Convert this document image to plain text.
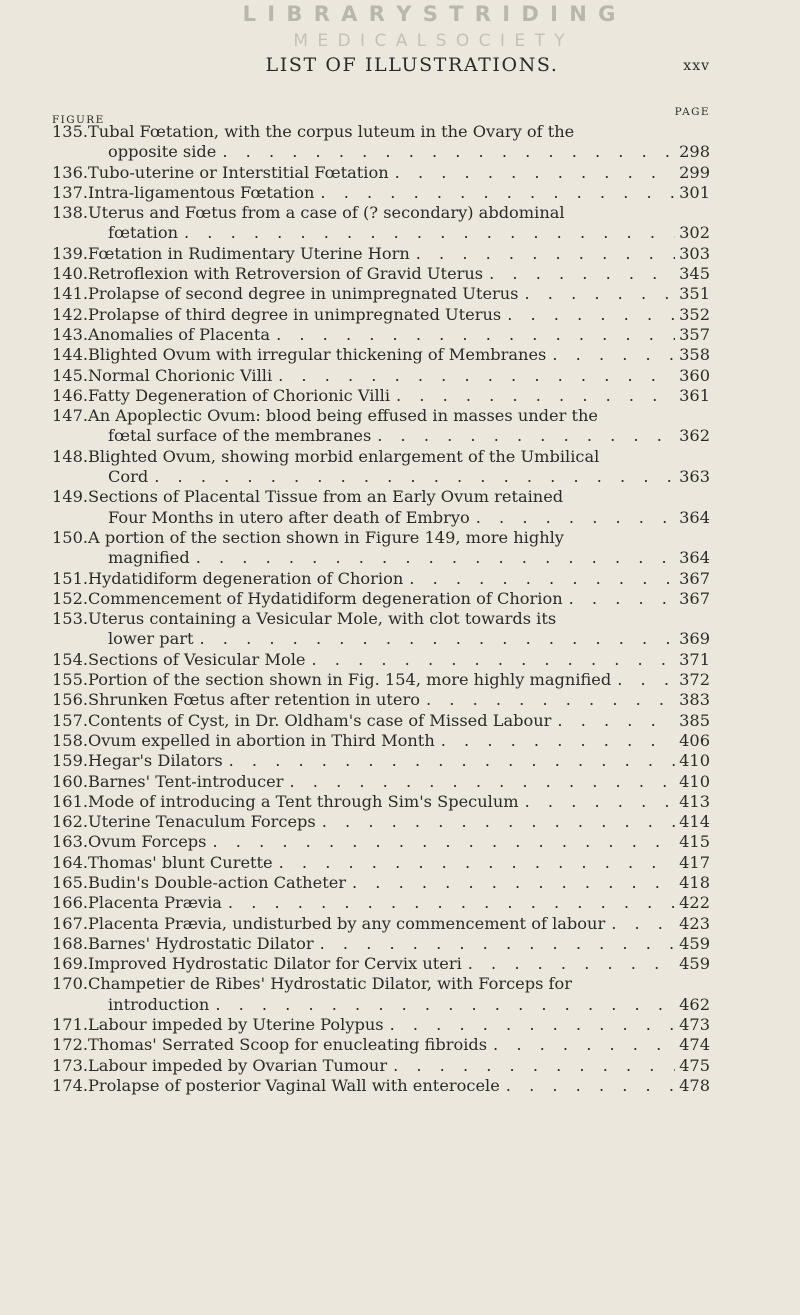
L I B R A R Y S T R I D I N G
M E D I C A L S O C I E T Y
LIST OF ILLUSTRATIONS.	xxv
FIGURE
PAGE
135. Tubal Fœtation, with the corpus luteum in the Ovary of the
opposite side . . .	298
136. Tubo-uterine or Interstitial Fœtation . . .	299
137. Intra-ligamentous Fœtation . . .	301
138. Uterus and Fœtus from a case of (? secondary) abdominal
fœtation . . .	302
139. Fœtation in Rudimentary Uterine Horn . . .	303
140. Retroflexion with Retroversion of Gravid Uterus . . .	345
141. Prolapse of second degree in unimpregnated Uterus . . .	351
142. Prolapse of third degree in unimpregnated Uterus . . .	352
143. Anomalies of Placenta . . .	357
144. Blighted Ovum with irregular thickening of Membranes . . .	358
145. Normal Chorionic Villi . . .	360
146. Fatty Degeneration of Chorionic Villi . . .	361
147. An Apoplectic Ovum: blood being effused in masses under the
fœtal surface of the membranes . . .	362
148. Blighted Ovum, showing morbid enlargement of the Umbilical
Cord . . .	363
149. Sections of Placental Tissue from an Early Ovum retained
Four Months in utero after death of Embryo . . .	364
150. A portion of the section shown in Figure 149, more highly
magnified . . .	364
151. Hydatidiform degeneration of Chorion . . .	367
152. Commencement of Hydatidiform degeneration of Chorion . . .	367
153. Uterus containing a Vesicular Mole, with clot towards its
lower part . . .	369
154. Sections of Vesicular Mole . . .	371
155. Portion of the section shown in Fig. 154, more highly magnified . . .	372
156. Shrunken Fœtus after retention in utero . . .	383
157. Contents of Cyst, in Dr. Oldham's case of Missed Labour . . .	385
158. Ovum expelled in abortion in Third Month . . .	406
159. Hegar's Dilators . . .	410
160. Barnes' Tent-introducer . . .	410
161. Mode of introducing a Tent through Sim's Speculum . . .	413
162. Uterine Tenaculum Forceps . . .	414
163. Ovum Forceps . . .	415
164. Thomas' blunt Curette . . .	417
165. Budin's Double-action Catheter . . .	418
166. Placenta Prævia . . .	422
167. Placenta Prævia, undisturbed by any commencement of labour . . .	423
168. Barnes' Hydrostatic Dilator . . .	459
169. Improved Hydrostatic Dilator for Cervix uteri . . .	459
170. Champetier de Ribes' Hydrostatic Dilator, with Forceps for
introduction . . .	462
171. Labour impeded by Uterine Polypus . . .	473
172. Thomas' Serrated Scoop for enucleating fibroids . . .	474
173. Labour impeded by Ovarian Tumour . . .	475
174. Prolapse of posterior Vaginal Wall with enterocele . . .	478
